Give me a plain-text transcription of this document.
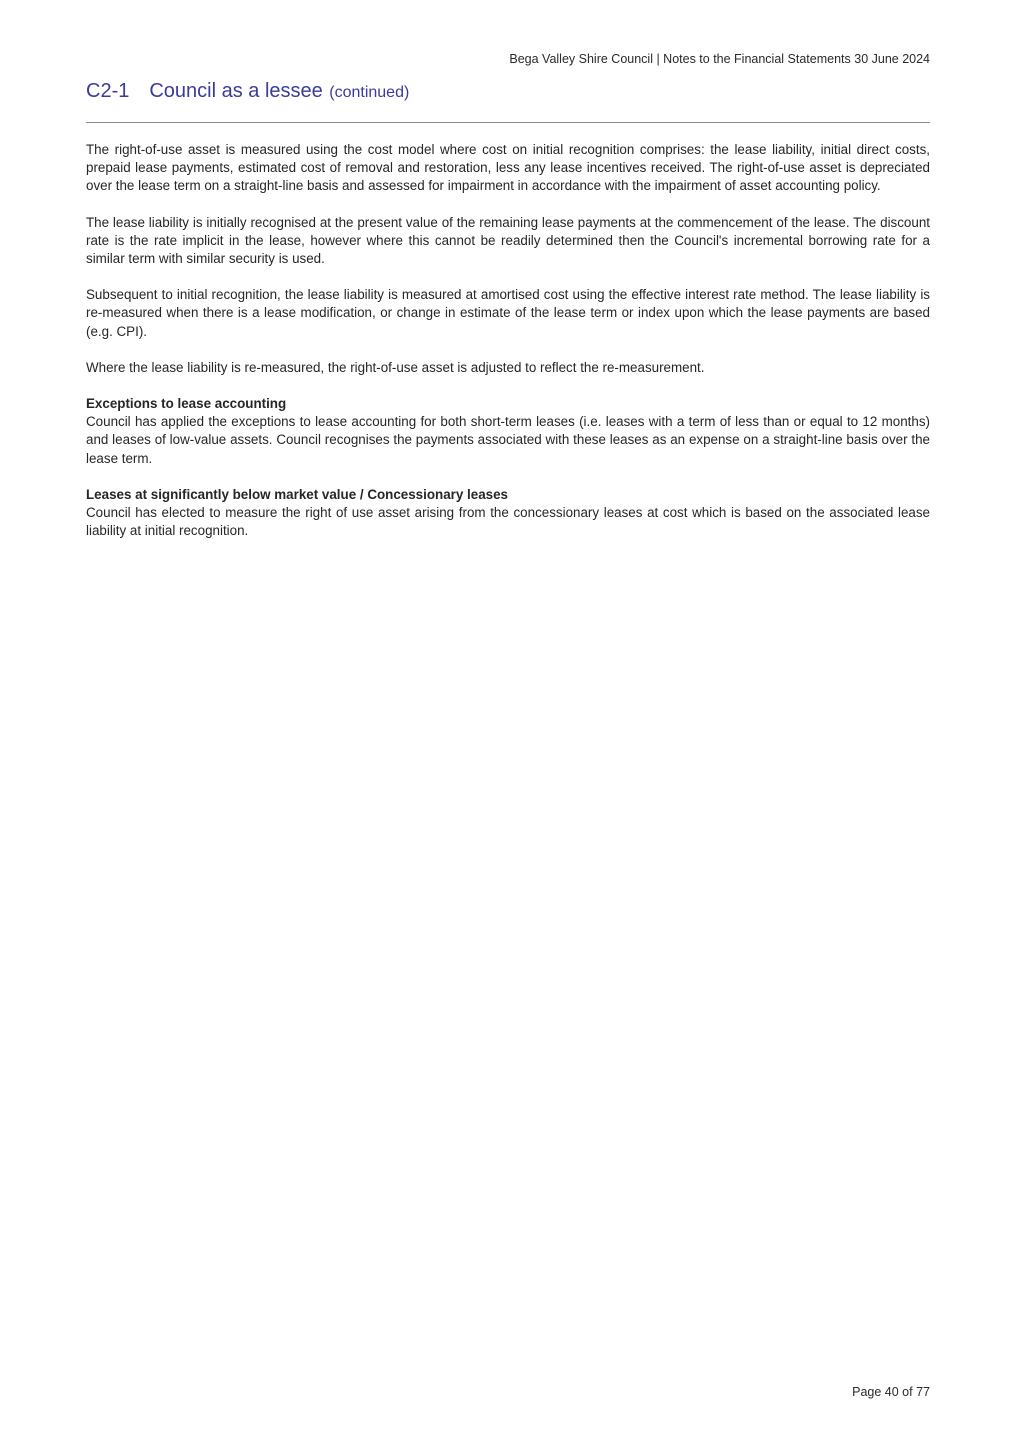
Bega Valley Shire Council | Notes to the Financial Statements 30 June 2024
C2-1 Council as a lessee (continued)

The right-of-use asset is measured using the cost model where cost on initial recognition comprises: the lease liability, initial direct costs, prepaid lease payments, estimated cost of removal and restoration, less any lease incentives received. The right-of-use asset is depreciated over the lease term on a straight-line basis and assessed for impairment in accordance with the impairment of asset accounting policy.

The lease liability is initially recognised at the present value of the remaining lease payments at the commencement of the lease. The discount rate is the rate implicit in the lease, however where this cannot be readily determined then the Council's incremental borrowing rate for a similar term with similar security is used.

Subsequent to initial recognition, the lease liability is measured at amortised cost using the effective interest rate method. The lease liability is re-measured when there is a lease modification, or change in estimate of the lease term or index upon which the lease payments are based (e.g. CPI).

Where the lease liability is re-measured, the right-of-use asset is adjusted to reflect the re-measurement.

Exceptions to lease accounting

Council has applied the exceptions to lease accounting for both short-term leases (i.e. leases with a term of less than or equal to 12 months) and leases of low-value assets. Council recognises the payments associated with these leases as an expense on a straight-line basis over the lease term.

Leases at significantly below market value / Concessionary leases

Council has elected to measure the right of use asset arising from the concessionary leases at cost which is based on the associated lease liability at initial recognition.

Page 40 of 77
